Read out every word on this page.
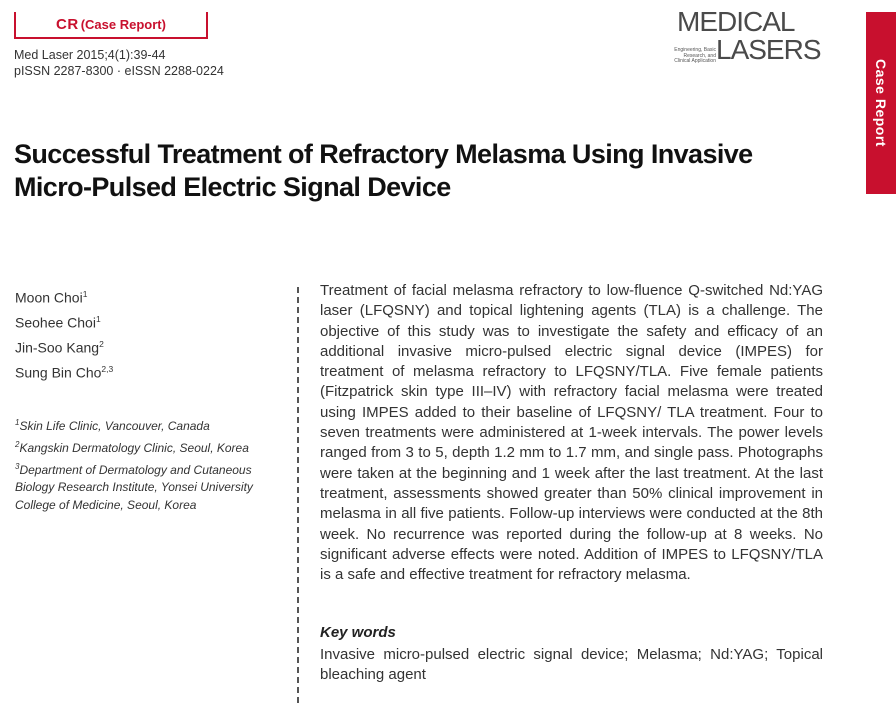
CR (Case Report)
Med Laser 2015;4(1):39-44
pISSN 2287-8300 · eISSN 2288-0224
MEDICAL
Engineering, Basic Research, and Clinical Application LASERS
Case Report
Successful Treatment of Refractory Melasma Using Invasive Micro-Pulsed Electric Signal Device
Moon Choi$^1$
Seohee Choi$^1$
Jin-Soo Kang$^2$
Sung Bin Cho$^{2,3}$
$^1$Skin Life Clinic, Vancouver, Canada
$^2$Kangskin Dermatology Clinic, Seoul, Korea
$^3$Department of Dermatology and Cutaneous Biology Research Institute, Yonsei University College of Medicine, Seoul, Korea

Treatment of facial melasma refractory to low-fluence Q-switched Nd:YAG laser (LFQSNY) and topical lightening agents (TLA) is a challenge. The objective of this study was to investigate the safety and efficacy of an additional invasive micro-pulsed electric signal device (IMPES) for treatment of melasma refractory to LFQSNY/TLA. Five female patients (Fitzpatrick skin type III–IV) with refractory facial melasma were treated using IMPES added to their baseline of LFQSNY/ TLA treatment. Four to seven treatments were administered at 1-week intervals. The power levels ranged from 3 to 5, depth 1.2 mm to 1.7 mm, and single pass. Photographs were taken at the beginning and 1 week after the last treatment. At the last treatment, assessments showed greater than 50% clinical improvement in melasma in all five patients. Follow-up interviews were conducted at the 8th week. No recurrence was reported during the follow-up at 8 weeks. No significant adverse effects were noted. Addition of IMPES to LFQSNY/TLA is a safe and effective treatment for refractory melasma.

Key words

Invasive micro-pulsed electric signal device; Melasma; Nd:YAG; Topical bleaching agent
